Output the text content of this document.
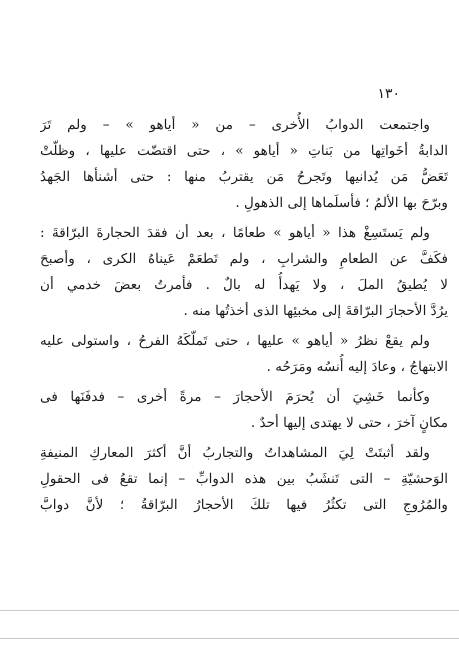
١٣٠
واجتمعت الدوابُ الأُخرى – من « أياهو » – ولم تَرَ
الدابةُ أخَواتِها من بَناتِ « أياهو » ، حتى اقتضّت عليها ، وظلّتْ
تَعَضُّ مَن يُدانيها وتَجرحُ مَن يقتربُ منها : حتى أشنأها الجَهدُ
وبرّحَ بها الألمُ ؛ فأسلَماها إلى الذهولِ .
ولم يَستَسِغْ هذا « أياهو » طعامًا ، بعد أن فقدَ الحجارةَ البرّاقةَ :
فكَفَّ عن الطعامِ والشرابِ ، ولم تَطعَمْ عَيناهُ الكرى ، وأصبحَ
لا يُطيقُ الملَ ، ولا يَهدأُ له بالٌ . فأمرتُ بعضَ خدمي أن
يرُدَّ الأحجارَ البرّاقةَ إلى مخبئِها الذى أخذتُها منه .
ولم يقعْ نظرُ « أياهو » عليها ، حتى تَملّكَهُ الفرحُ ، واستولى عليه
الابتهاجُ ، وعادَ إليه أُنسُه ومَرَحُه .
وكأنما خَشِيَ أن يُحرَمَ الأحجارَ – مرةً أخرى – فدفَنَها فى
مكانٍ آخرَ ، حتى لا يهتدى إليها أحدٌ .
ولقد أثبتَتْ لِيَ المشاهداتُ والتجاربُ أنَّ أكثرَ المعاركِ المنيفةِ
الوَحشيّةِ – التى تَنشَبُ بين هذه الدوابِّ – إنما تقعُ فى الحقولِ
والمُرُوجِ التى تكثُرُ فيها تلكَ الأحجارُ البرّاقةُ ؛ لأنَّ دوابَّ
